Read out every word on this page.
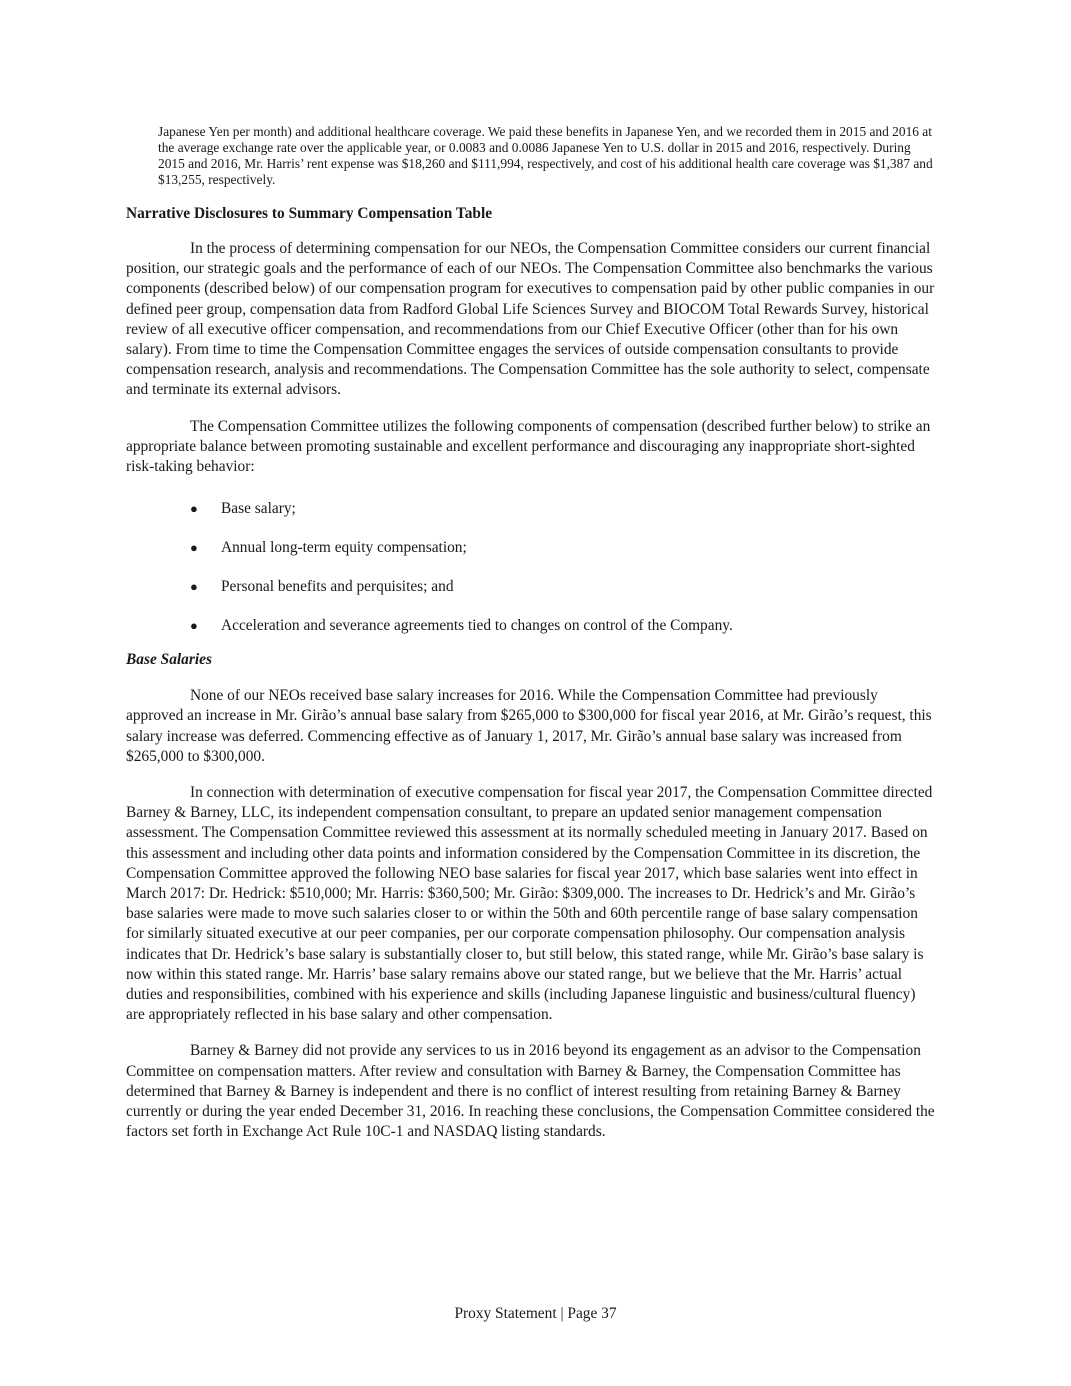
Japanese Yen per month) and additional healthcare coverage. We paid these benefits in Japanese Yen, and we recorded them in 2015 and 2016 at the average exchange rate over the applicable year, or 0.0083 and 0.0086 Japanese Yen to U.S. dollar in 2015 and 2016, respectively. During 2015 and 2016, Mr. Harris’ rent expense was $18,260 and $111,994, respectively, and cost of his additional health care coverage was $1,387 and $13,255, respectively.

Narrative Disclosures to Summary Compensation Table

In the process of determining compensation for our NEOs, the Compensation Committee considers our current financial position, our strategic goals and the performance of each of our NEOs. The Compensation Committee also benchmarks the various components (described below) of our compensation program for executives to compensation paid by other public companies in our defined peer group, compensation data from Radford Global Life Sciences Survey and BIOCOM Total Rewards Survey, historical review of all executive officer compensation, and recommendations from our Chief Executive Officer (other than for his own salary). From time to time the Compensation Committee engages the services of outside compensation consultants to provide compensation research, analysis and recommendations. The Compensation Committee has the sole authority to select, compensate and terminate its external advisors.

The Compensation Committee utilizes the following components of compensation (described further below) to strike an appropriate balance between promoting sustainable and excellent performance and discouraging any inappropriate short-sighted risk-taking behavior:

● Base salary;
● Annual long-term equity compensation;
● Personal benefits and perquisites; and
● Acceleration and severance agreements tied to changes on control of the Company.
Base Salaries

None of our NEOs received base salary increases for 2016. While the Compensation Committee had previously approved an increase in Mr. Girão’s annual base salary from $265,000 to $300,000 for fiscal year 2016, at Mr. Girão’s request, this salary increase was deferred. Commencing effective as of January 1, 2017, Mr. Girão’s annual base salary was increased from $265,000 to $300,000.

In connection with determination of executive compensation for fiscal year 2017, the Compensation Committee directed Barney & Barney, LLC, its independent compensation consultant, to prepare an updated senior management compensation assessment. The Compensation Committee reviewed this assessment at its normally scheduled meeting in January 2017. Based on this assessment and including other data points and information considered by the Compensation Committee in its discretion, the Compensation Committee approved the following NEO base salaries for fiscal year 2017, which base salaries went into effect in March 2017: Dr. Hedrick: $510,000; Mr. Harris: $360,500; Mr. Girão: $309,000. The increases to Dr. Hedrick’s and Mr. Girão’s base salaries were made to move such salaries closer to or within the 50th and 60th percentile range of base salary compensation for similarly situated executive at our peer companies, per our corporate compensation philosophy. Our compensation analysis indicates that Dr. Hedrick’s base salary is substantially closer to, but still below, this stated range, while Mr. Girão’s base salary is now within this stated range. Mr. Harris’ base salary remains above our stated range, but we believe that the Mr. Harris’ actual duties and responsibilities, combined with his experience and skills (including Japanese linguistic and business/cultural fluency) are appropriately reflected in his base salary and other compensation.

Barney & Barney did not provide any services to us in 2016 beyond its engagement as an advisor to the Compensation Committee on compensation matters. After review and consultation with Barney & Barney, the Compensation Committee has determined that Barney & Barney is independent and there is no conflict of interest resulting from retaining Barney & Barney currently or during the year ended December 31, 2016. In reaching these conclusions, the Compensation Committee considered the factors set forth in Exchange Act Rule 10C-1 and NASDAQ listing standards.

Proxy Statement | Page 37
